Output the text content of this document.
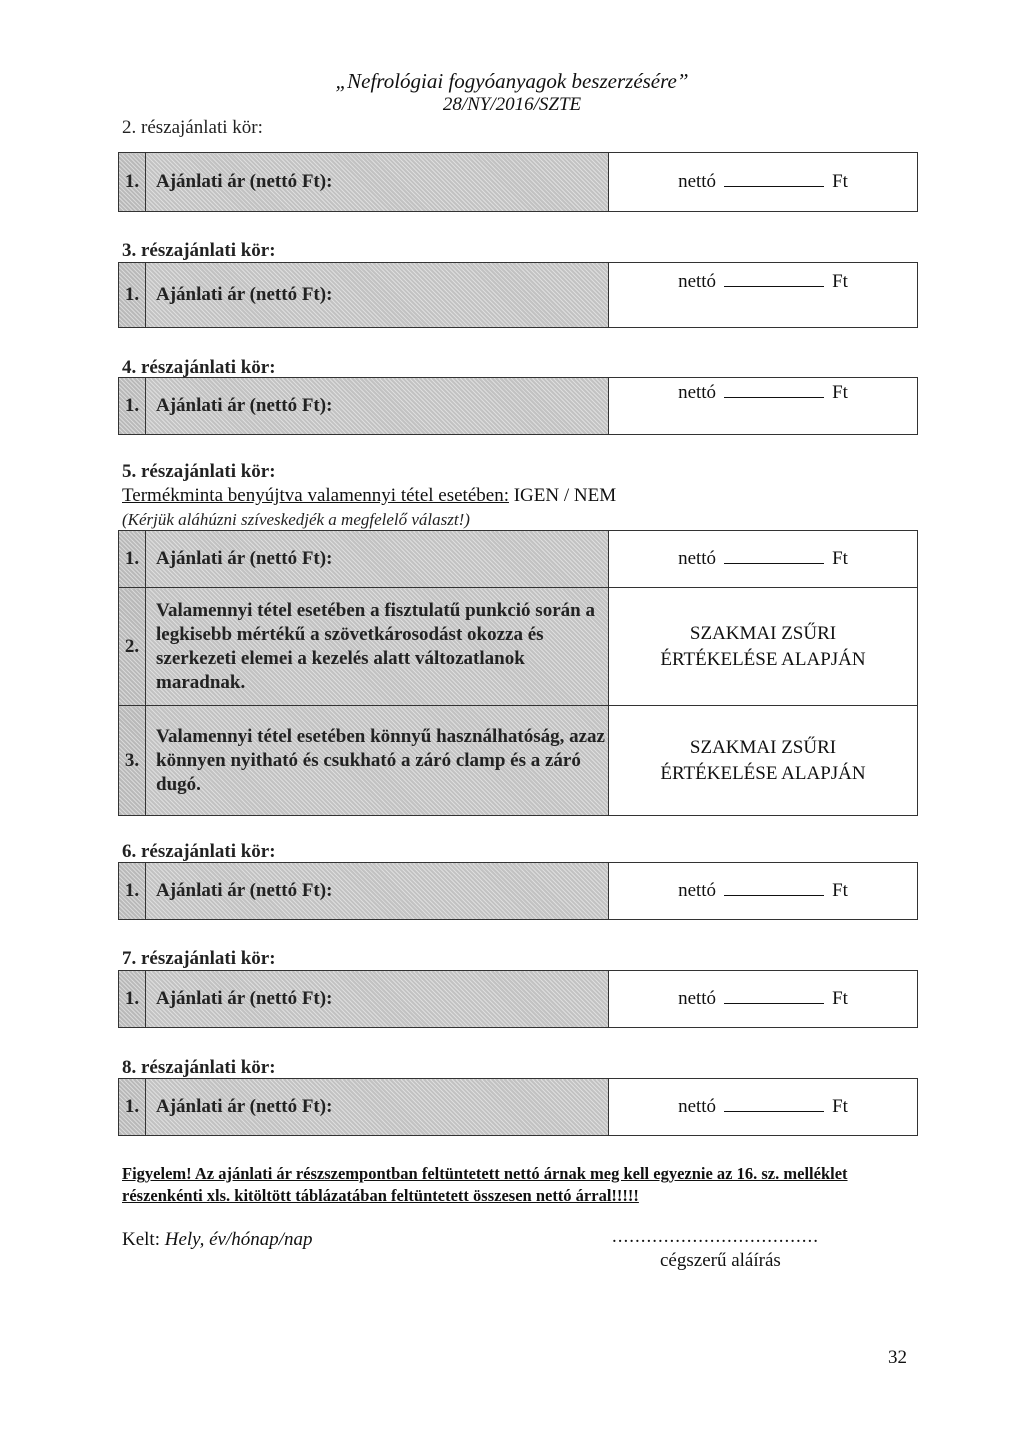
„Nefrológiai fogyóanyagok beszerzésére”
28/NY/2016/SZTE
2. részajánlati kör:
1.	Ajánlati ár (nettó Ft):	nettó	Ft
3. részajánlati kör:
1.	Ajánlati ár (nettó Ft):	nettó	Ft
4. részajánlati kör:
1.	Ajánlati ár (nettó Ft):	nettó	Ft
5. részajánlati kör:
Termékminta benyújtva valamennyi tétel esetében: IGEN / NEM
(Kérjük aláhúzni szíveskedjék a megfelelő választ!)
1.	Ajánlati ár (nettó Ft):	nettó Ft
2.	Valamennyi tétel esetében a fisztulatű punkció során a legkisebb mértékű a szövetkárosodást okozza és szerkezeti elemei a kezelés alatt változatlanok maradnak.	SZAKMAI ZSŰRI
ÉRTÉKELÉSE ALAPJÁN
3.	Valamennyi tétel esetében könnyű használhatóság, azaz könnyen nyitható és csukható a záró clamp és a záró dugó.	SZAKMAI ZSŰRI
ÉRTÉKELÉSE ALAPJÁN
6. részajánlati kör:
1.	Ajánlati ár (nettó Ft):	nettó	Ft
7. részajánlati kör:
1.	Ajánlati ár (nettó Ft):	nettó	Ft
8. részajánlati kör:
1.	Ajánlati ár (nettó Ft):	nettó	Ft
Figyelem! Az ajánlati ár részszempontban feltüntetett nettó árnak meg kell egyeznie az 16. sz. melléklet részenkénti xls. kitöltött táblázatában feltüntetett összesen nettó árral!!!!!
Kelt: Hely, év/hónap/nap	....................................
cégszerű aláírás
32
